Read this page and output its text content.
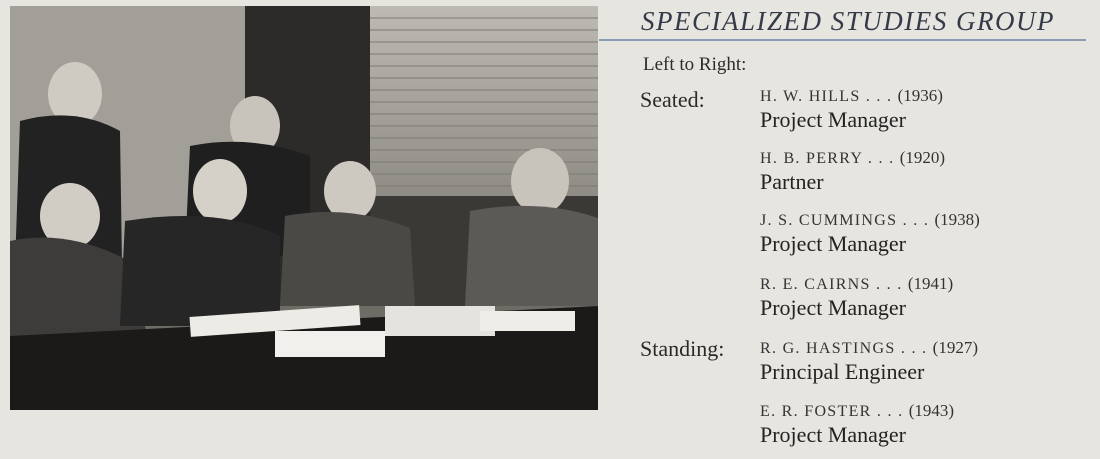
SPECIALIZED STUDIES GROUP
Left to Right:
Seated:
Standing:
H. W. HILLS . . . (1936)
Project Manager
H. B. PERRY . . . (1920)
Partner
J. S. CUMMINGS . . . (1938)
Project Manager
R. E. CAIRNS . . . (1941)
Project Manager
R. G. HASTINGS . . . (1927)
Principal Engineer
E. R. FOSTER . . . (1943)
Project Manager
